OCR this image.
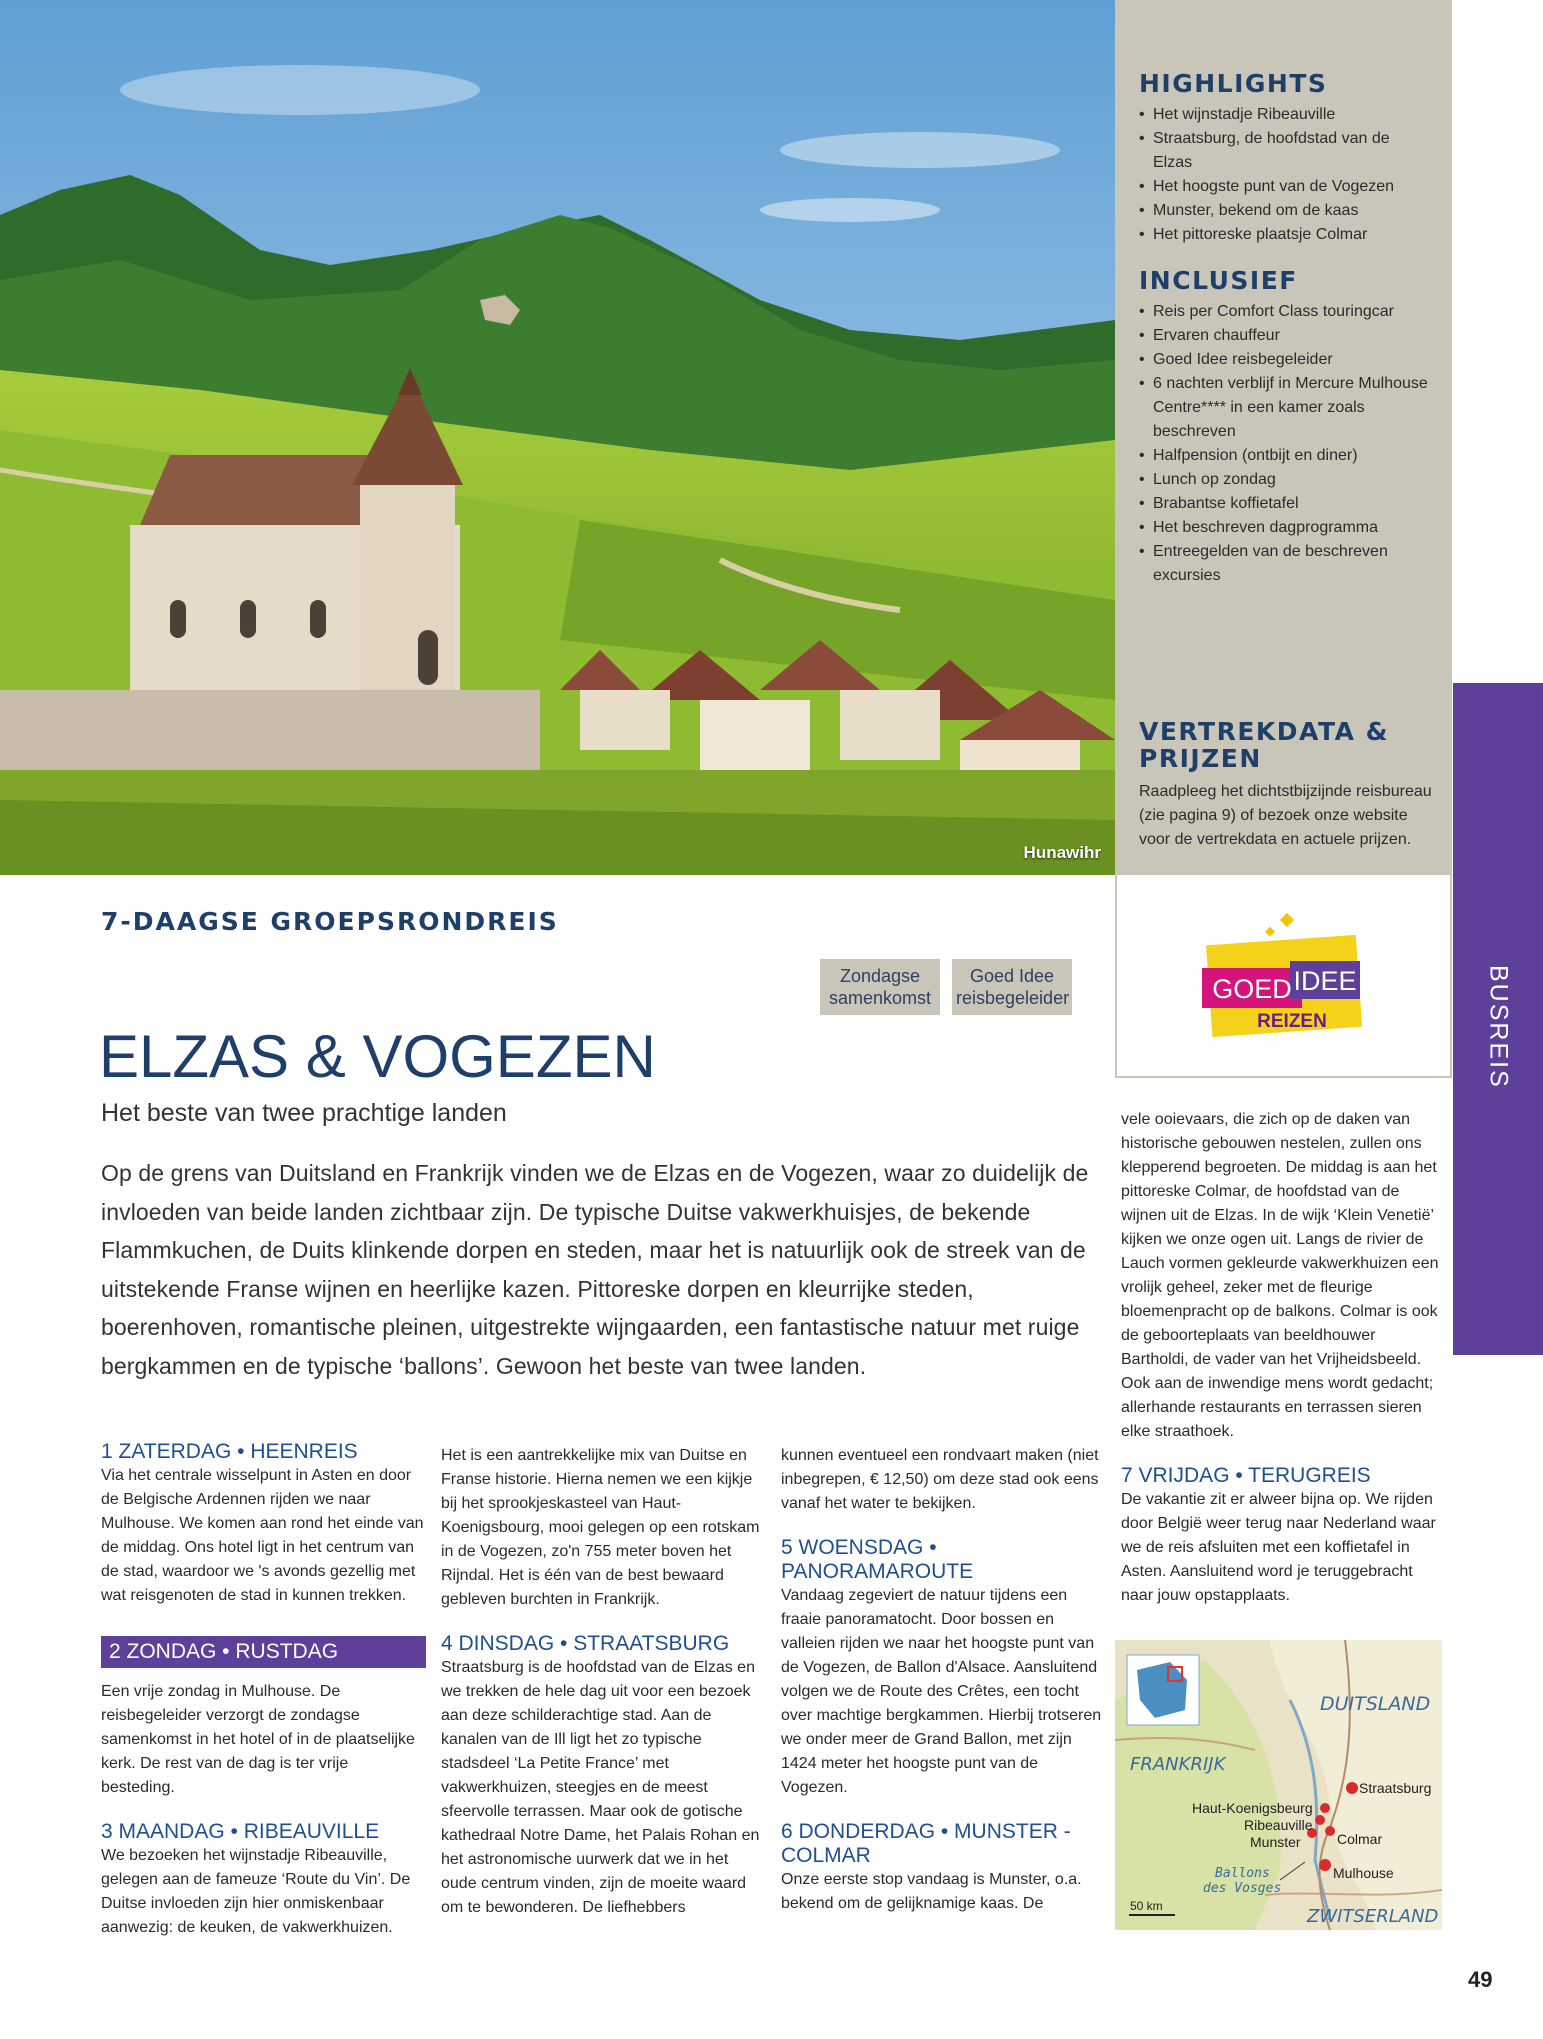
Hunawihr
HIGHLIGHTS
• Het wijnstadje Ribeauville
• Straatsburg, de hoofdstad van de Elzas
• Het hoogste punt van de Vogezen
• Munster, bekend om de kaas
• Het pittoreske plaatsje Colmar
INCLUSIEF
• Reis per Comfort Class touringcar
• Ervaren chauffeur
• Goed Idee reisbegeleider
• 6 nachten verblijf in Mercure Mulhouse Centre**** in een kamer zoals beschreven
• Halfpension (ontbijt en diner)
• Lunch op zondag
• Brabantse koffietafel
• Het beschreven dagprogramma
• Entreegelden van de beschreven excursies
VERTREKDATA & PRIJZEN

Raadpleeg het dichtstbijzijnde reisbureau (zie pagina 9) of bezoek onze website voor de vertrekdata en actuele prijzen.

GOED IDEE
REIZEN	BUSREIS
7-DAAGSE GROEPSRONDREIS
Zondagse samenkomst
Goed Idee reisbegeleider
ELZAS & VOGEZEN
Het beste van twee prachtige landen

Op de grens van Duitsland en Frankrijk vinden we de Elzas en de Vogezen, waar zo duidelijk de invloeden van beide landen zichtbaar zijn. De typische Duitse vakwerkhuisjes, de bekende Flammkuchen, de Duits klinkende dorpen en steden, maar het is natuurlijk ook de streek van de uitstekende Franse wijnen en heerlijke kazen. Pittoreske dorpen en kleurrijke steden, boerenhoven, romantische pleinen, uitgestrekte wijngaarden, een fantastische natuur met ruige bergkammen en de typische ‘ballons’. Gewoon het beste van twee landen.

1 ZATERDAG • HEENREIS

Via het centrale wisselpunt in Asten en door de Belgische Ardennen rijden we naar Mulhouse. We komen aan rond het einde van de middag. Ons hotel ligt in het centrum van de stad, waardoor we 's avonds gezellig met wat reisgenoten de stad in kunnen trekken.

2 ZONDAG • RUSTDAG

Een vrije zondag in Mulhouse. De reisbegeleider verzorgt de zondagse samenkomst in het hotel of in de plaatselijke kerk. De rest van de dag is ter vrije besteding.

3 MAANDAG • RIBEAUVILLE

We bezoeken het wijnstadje Ribeauville, gelegen aan de fameuze ‘Route du Vin’. De Duitse invloeden zijn hier onmiskenbaar aanwezig: de keuken, de vakwerkhuizen.

Het is een aantrekkelijke mix van Duitse en Franse historie. Hierna nemen we een kijkje bij het sprookjeskasteel van Haut-Koenigsbourg, mooi gelegen op een rotskam in de Vogezen, zo'n 755 meter boven het Rijndal. Het is één van de best bewaard gebleven burchten in Frankrijk.

4 DINSDAG • STRAATSBURG

Straatsburg is de hoofdstad van de Elzas en we trekken de hele dag uit voor een bezoek aan deze schilderachtige stad. Aan de kanalen van de Ill ligt het zo typische stadsdeel ‘La Petite France’ met vakwerkhuizen, steegjes en de meest sfeervolle terrassen. Maar ook de gotische kathedraal Notre Dame, het Palais Rohan en het astronomische uurwerk dat we in het oude centrum vinden, zijn de moeite waard om te bewonderen. De liefhebbers

kunnen eventueel een rondvaart maken (niet inbegrepen, € 12,50) om deze stad ook eens vanaf het water te bekijken.

5 WOENSDAG • PANORAMAROUTE

Vandaag zegeviert de natuur tijdens een fraaie panoramatocht. Door bossen en valleien rijden we naar het hoogste punt van de Vogezen, de Ballon d'Alsace. Aansluitend volgen we de Route des Crêtes, een tocht over machtige bergkammen. Hierbij trotseren we onder meer de Grand Ballon, met zijn 1424 meter het hoogste punt van de Vogezen.

6 DONDERDAG • MUNSTER - COLMAR

Onze eerste stop vandaag is Munster, o.a. bekend om de gelijknamige kaas. De

vele ooievaars, die zich op de daken van historische gebouwen nestelen, zullen ons klepperend begroeten. De middag is aan het pittoreske Colmar, de hoofdstad van de wijnen uit de Elzas. In de wijk ‘Klein Venetië’ kijken we onze ogen uit. Langs de rivier de Lauch vormen gekleurde vakwerkhuizen een vrolijk geheel, zeker met de fleurige bloemenpracht op de balkons. Colmar is ook de geboorteplaats van beeldhouwer Bartholdi, de vader van het Vrijheidsbeeld. Ook aan de inwendige mens wordt gedacht; allerhande restaurants en terrassen sieren elke straathoek.

7 VRIJDAG • TERUGREIS

De vakantie zit er alweer bijna op. We rijden door België weer terug naar Nederland waar we de reis afsluiten met een koffietafel in Asten. Aansluitend word je teruggebracht naar jouw opstapplaats.

DUITSLAND
FRANKRIJK
ZWITSERLAND
Straatsburg
Haut-Koenigsbeurg
Ribeauville
Munster	Colmar
Mulhouse
Ballons
des Vosges
50 km
49
